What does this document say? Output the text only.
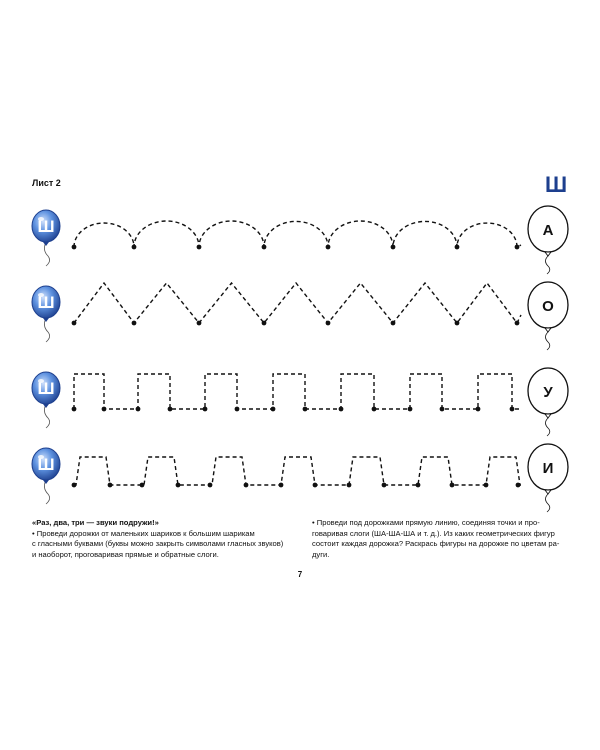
Лист 2	Ш
Ш	А
Ш	О
Ш	У
Ш	И
«Раз, два, три — звуки подружи!»
• Проведи дорожки от маленьких шариков к большим шарикам
с гласными буквами (буквы можно закрыть символами гласных звуков)
и наоборот, проговаривая прямые и обратные слоги.
• Проведи под дорожками прямую линию, соединяя точки и про-
говаривая слоги (ША-ША-ША и т. д.). Из каких геометрических фигур
состоит каждая дорожка? Раскрась фигуры на дорожке по цветам ра-
дуги.
7
